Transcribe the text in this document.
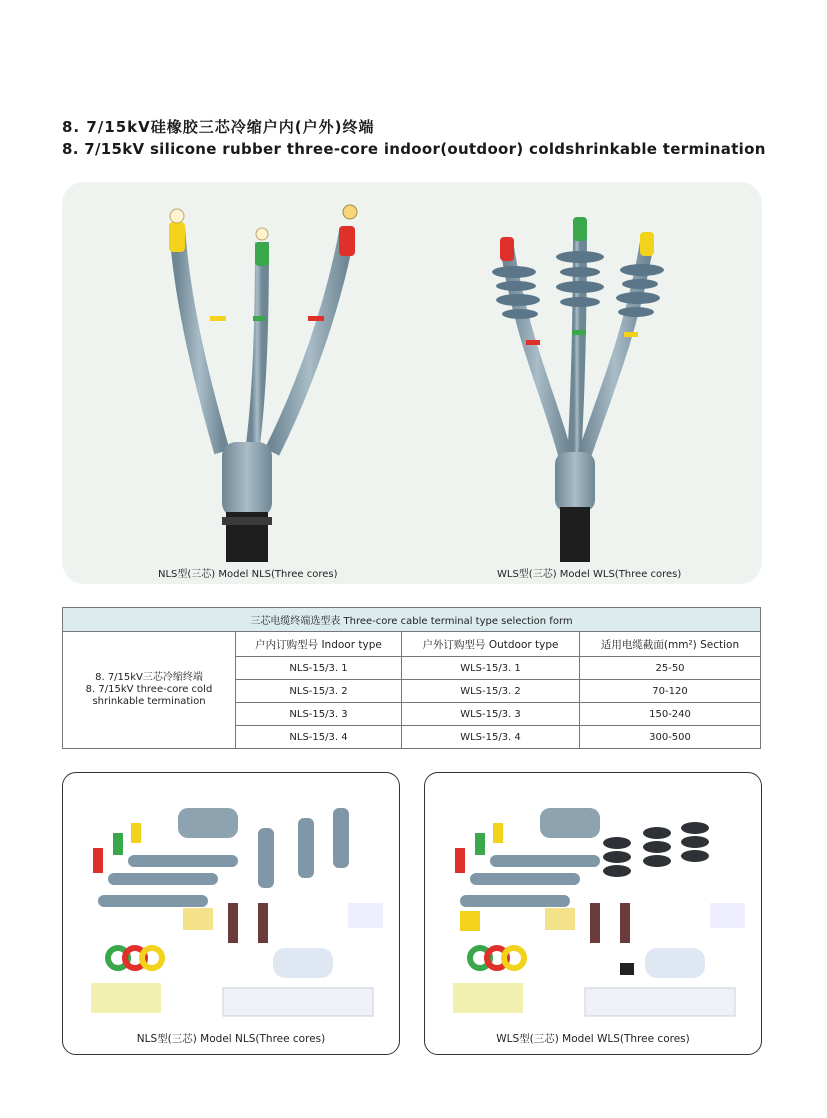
8. 7/15kV硅橡胶三芯冷缩户内(户外)终端
8. 7/15kV silicone rubber three-core indoor(outdoor) coldshrinkable termination
NLS型(三芯) Model NLS(Three cores)	WLS型(三芯) Model WLS(Three cores)
三芯电缆终端选型表 Three-core cable terminal type selection form			

8. 7/15kV三芯冷缩终端
8. 7/15kV three-core cold
shrinkable termination	户内订购型号 Indoor type	户外订购型号 Outdoor type	适用电缆截面(mm²) Section
	NLS-15/3. 1	WLS-15/3. 1	25-50
	NLS-15/3. 2	WLS-15/3. 2	70-120
	NLS-15/3. 3	WLS-15/3. 3	150-240
	NLS-15/3. 4	WLS-15/3. 4	300-500
NLS型(三芯) Model NLS(Three cores)	WLS型(三芯) Model WLS(Three cores)
